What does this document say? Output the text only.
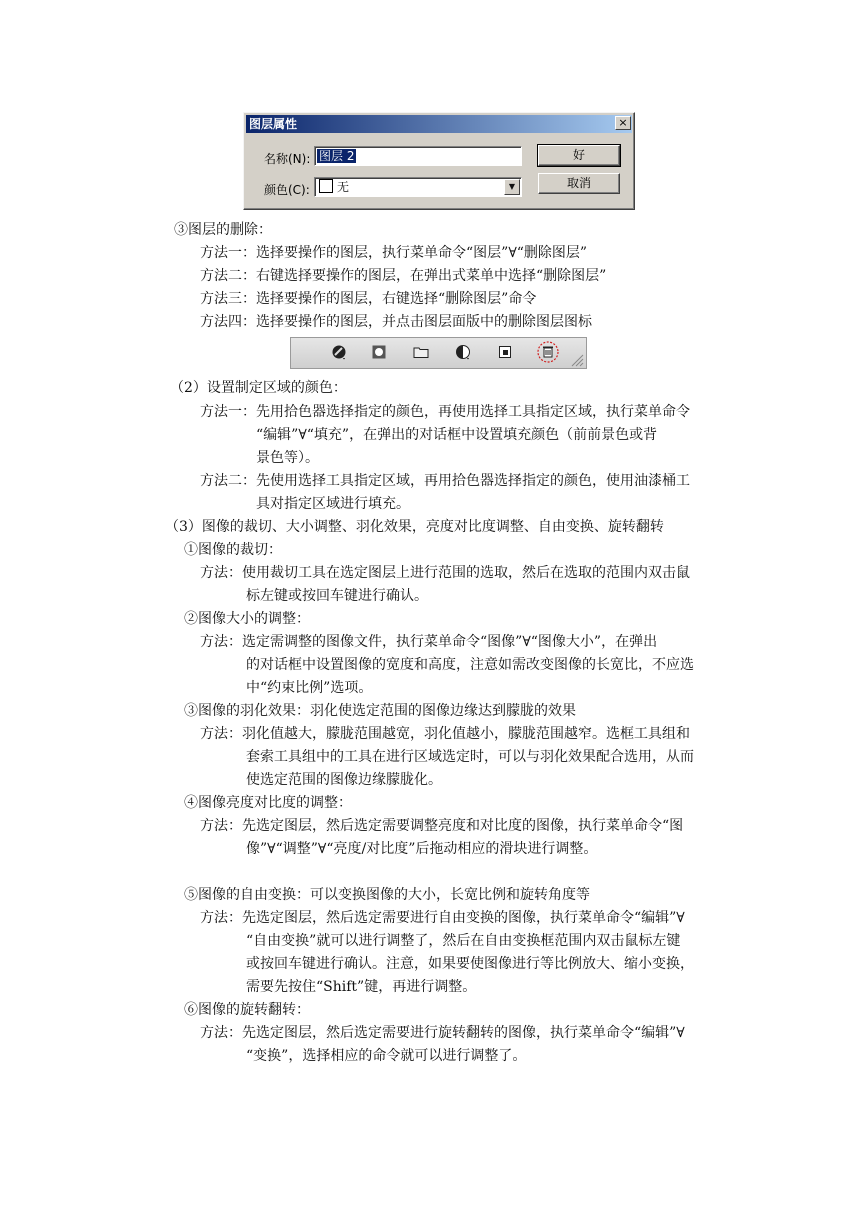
图层属性	×
名称(N): 图层 2
颜色(C):	无	▼
好
取消
③图层的删除：
方法一：选择要操作的图层，执行菜单命令“图层”∀“删除图层”
方法二：右键选择要操作的图层，在弹出式菜单中选择“删除图层”
方法三：选择要操作的图层，右键选择“删除图层”命令
方法四：选择要操作的图层，并点击图层面版中的删除图层图标
（2）设置制定区域的颜色：
方法一：先用拾色器选择指定的颜色，再使用选择工具指定区域，执行菜单命令
“编辑”∀“填充”，在弹出的对话框中设置填充颜色（前前景色或背
景色等）。
方法二：先使用选择工具指定区域，再用拾色器选择指定的颜色，使用油漆桶工
具对指定区域进行填充。
（3）图像的裁切、大小调整、羽化效果，亮度对比度调整、自由变换、旋转翻转
①图像的裁切：
方法：使用裁切工具在选定图层上进行范围的选取，然后在选取的范围内双击鼠
标左键或按回车键进行确认。
②图像大小的调整：
方法：选定需调整的图像文件，执行菜单命令“图像”∀“图像大小”，在弹出
的对话框中设置图像的宽度和高度，注意如需改变图像的长宽比，不应选
中“约束比例”选项。
③图像的羽化效果：羽化使选定范围的图像边缘达到朦胧的效果
方法：羽化值越大，朦胧范围越宽，羽化值越小，朦胧范围越窄。选框工具组和
套索工具组中的工具在进行区域选定时，可以与羽化效果配合选用，从而
使选定范围的图像边缘朦胧化。
④图像亮度对比度的调整：
方法：先选定图层，然后选定需要调整亮度和对比度的图像，执行菜单命令“图
像”∀“调整”∀“亮度/对比度”后拖动相应的滑块进行调整。
⑤图像的自由变换：可以变换图像的大小，长宽比例和旋转角度等
方法：先选定图层，然后选定需要进行自由变换的图像，执行菜单命令“编辑”∀
“自由变换”就可以进行调整了，然后在自由变换框范围内双击鼠标左键
或按回车键进行确认。注意，如果要使图像进行等比例放大、缩小变换，
需要先按住“Shift”键，再进行调整。
⑥图像的旋转翻转：
方法：先选定图层，然后选定需要进行旋转翻转的图像，执行菜单命令“编辑”∀
“变换”，选择相应的命令就可以进行调整了。
